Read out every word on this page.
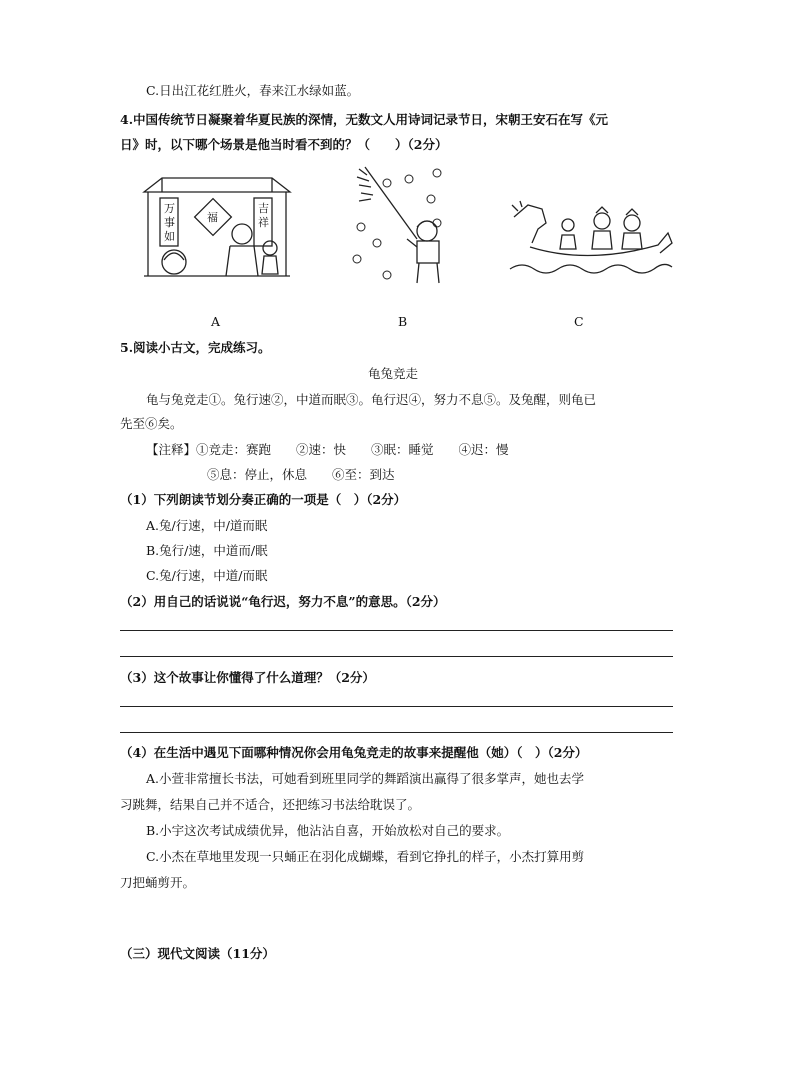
C.日出江花红胜火，春来江水绿如蓝。
4.中国传统节日凝聚着华夏民族的深情，无数文人用诗词记录节日，宋朝王安石在写《元
日》时，以下哪个场景是他当时看不到的？（　　）（2分）
万
事
如
吉
祥
福
A	B	C
5.阅读小古文，完成练习。
龟兔竞走
龟与兔竞走①。兔行速②，中道而眠③。龟行迟④，努力不息⑤。及兔醒，则龟已
先至⑥矣。
【注释】①竞走：赛跑　　②速：快　　③眠：睡觉　　④迟：慢
⑤息：停止，休息　　⑥至：到达
（1）下列朗读节划分奏正确的一项是（　）（2分）
A.兔/行速，中/道而眠
B.兔行/速，中道而/眠
C.兔/行速，中道/而眠
（2）用自己的话说说“龟行迟，努力不息”的意思。（2分）
（3）这个故事让你懂得了什么道理？（2分）
（4）在生活中遇见下面哪种情况你会用龟兔竞走的故事来提醒他（她）（　）（2分）
A.小萱非常擅长书法，可她看到班里同学的舞蹈演出赢得了很多掌声，她也去学
习跳舞，结果自己并不适合，还把练习书法给耽误了。
B.小宇这次考试成绩优异，他沾沾自喜，开始放松对自己的要求。
C.小杰在草地里发现一只蛹正在羽化成蝴蝶，看到它挣扎的样子，小杰打算用剪
刀把蛹剪开。
（三）现代文阅读（11分）
